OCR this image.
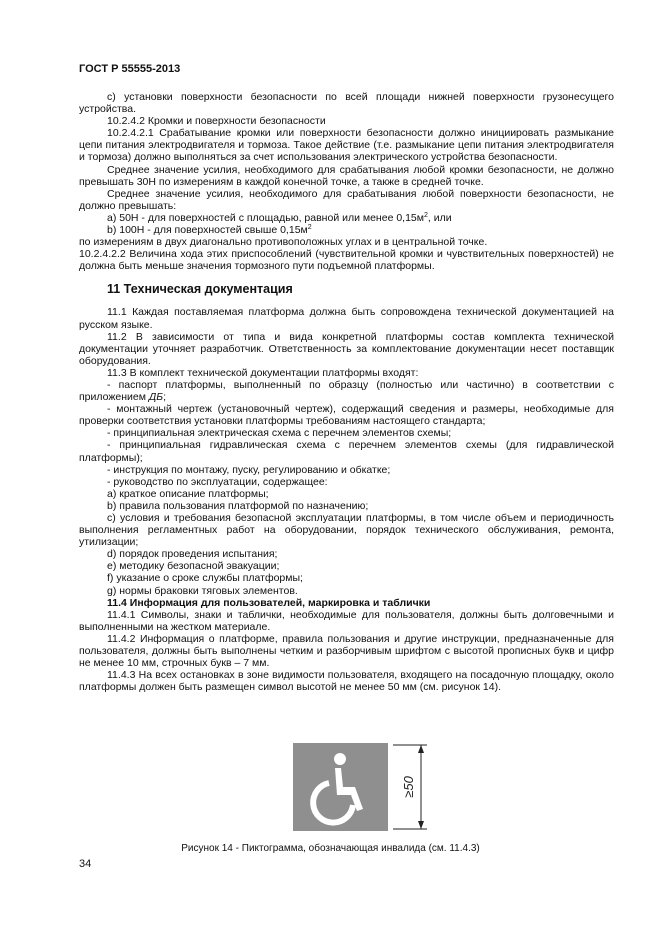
ГОСТ Р 55555-2013

с) установки поверхности безопасности по всей площади нижней поверхности грузонесущего устройства.

10.2.4.2 Кромки и поверхности безопасности

10.2.4.2.1 Срабатывание кромки или поверхности безопасности должно инициировать размыкание цепи питания электродвигателя и тормоза. Такое действие (т.е. размыкание цепи питания электродвигателя и тормоза) должно выполняться за счет использования электрического устройства безопасности.

Среднее значение усилия, необходимого для срабатывания любой кромки безопасности, не должно превышать 30Н по измерениям в каждой конечной точке, а также в средней точке.

Среднее значение усилия, необходимого для срабатывания любой поверхности безопасности, не должно превышать:

а) 50Н - для поверхностей с площадью, равной или менее $0,15м^2$, или

b) 100Н - для поверхностей свыше $0,15м^2$

по измерениям в двух диагонально противоположных углах и в центральной точке.

10.2.4.2.2 Величина хода этих приспособлений (чувствительной кромки и чувствительных поверхностей) не должна быть меньше значения тормозного пути подъемной платформы.

11 Техническая документация

11.1 Каждая поставляемая платформа должна быть сопровождена технической документацией на русском языке.

11.2 В зависимости от типа и вида конкретной платформы состав комплекта технической документации уточняет разработчик. Ответственность за комплектование документации несет поставщик оборудования.

11.3 В комплект технической документации платформы входят:

- паспорт платформы, выполненный по образцу (полностью или частично) в соответствии с приложением ДБ;

- монтажный чертеж (установочный чертеж), содержащий сведения и размеры, необходимые для проверки соответствия установки платформы требованиям настоящего стандарта;

- принципиальная электрическая схема с перечнем элементов схемы;

- принципиальная гидравлическая схема с перечнем элементов схемы (для гидравлической платформы);

- инструкция по монтажу, пуску, регулированию и обкатке;

- руководство по эксплуатации, содержащее:

а) краткое описание платформы;

b) правила пользования платформой по назначению;

c) условия и требования безопасной эксплуатации платформы, в том числе объем и периодичность выполнения регламентных работ на оборудовании, порядок технического обслуживания, ремонта, утилизации;

d) порядок проведения испытания;

e) методику безопасной эвакуации;

f) указание о сроке службы платформы;

g) нормы браковки тяговых элементов.

11.4 Информация для пользователей, маркировка и таблички

11.4.1 Символы, знаки и таблички, необходимые для пользователя, должны быть долговечными и выполненными на жестком материале.

11.4.2 Информация о платформе, правила пользования и другие инструкции, предназначенные для пользователя, должны быть выполнены четким и разборчивым шрифтом с высотой прописных букв и цифр не менее 10 мм, строчных букв – 7 мм.

11.4.3 На всех остановках в зоне видимости пользователя, входящего на посадочную площадку, около платформы должен быть размещен символ высотой не менее 50 мм (см. рисунок 14).

≥50
Рисунок 14 - Пиктограмма, обозначающая инвалида (см. 11.4.3)
34
